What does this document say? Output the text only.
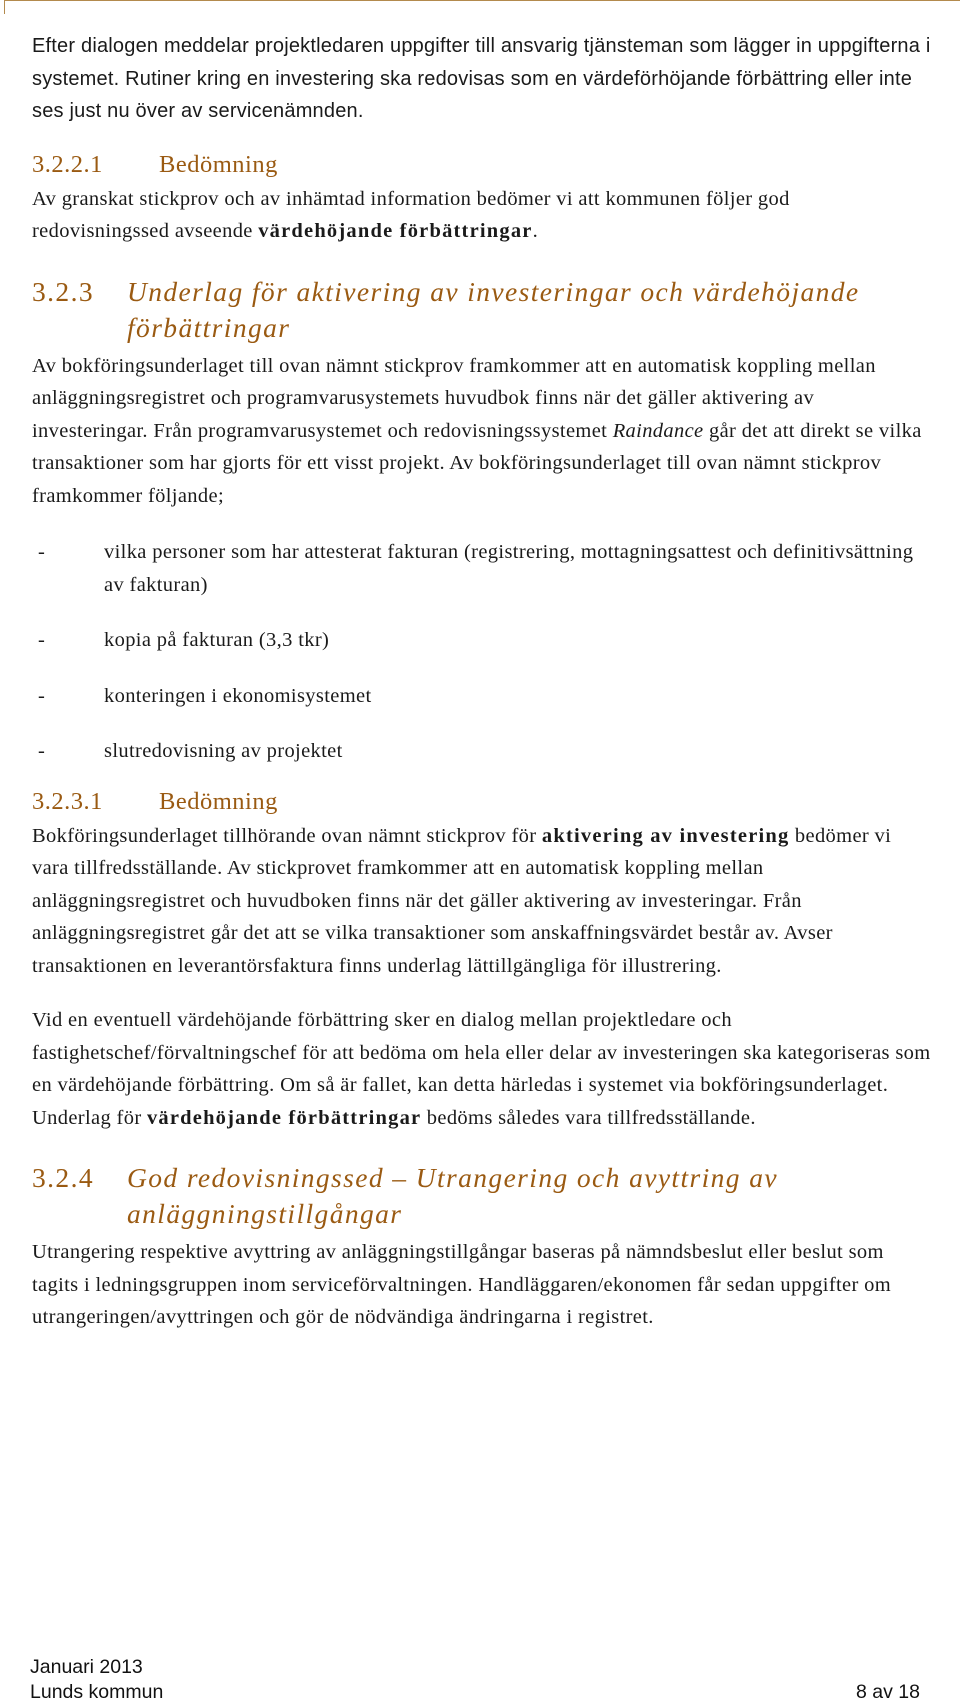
Efter dialogen meddelar projektledaren uppgifter till ansvarig tjänsteman som lägger in uppgifterna i systemet. Rutiner kring en investering ska redovisas som en värdeförhöjande förbättring eller inte ses just nu över av servicenämnden.

3.2.2.1	Bedömning

Av granskat stickprov och av inhämtad information bedömer vi att kommunen följer god redovisningssed avseende värdehöjande förbättringar.

3.2.3	Underlag för aktivering av investeringar och värdehöjande förbättringar

Av bokföringsunderlaget till ovan nämnt stickprov framkommer att en automatisk koppling mellan anläggningsregistret och programvarusystemets huvudbok finns när det gäller aktivering av investeringar. Från programvarusystemet och redovisningssystemet Raindance går det att direkt se vilka transaktioner som har gjorts för ett visst projekt. Av bokföringsunderlaget till ovan nämnt stickprov framkommer följande;

-	vilka personer som har attesterat fakturan (registrering, mottagningsattest och definitivsättning av fakturan)
-	kopia på fakturan (3,3 tkr)
-	konteringen i ekonomisystemet
-	slutredovisning av projektet
3.2.3.1	Bedömning

Bokföringsunderlaget tillhörande ovan nämnt stickprov för aktivering av investering bedömer vi vara tillfredsställande. Av stickprovet framkommer att en automatisk koppling mellan anläggningsregistret och huvudboken finns när det gäller aktivering av investeringar. Från anläggningsregistret går det att se vilka transaktioner som anskaffningsvärdet består av. Avser transaktionen en leverantörsfaktura finns underlag lättillgängliga för illustrering.

Vid en eventuell värdehöjande förbättring sker en dialog mellan projektledare och fastighetschef/förvaltningschef för att bedöma om hela eller delar av investeringen ska kategoriseras som en värdehöjande förbättring. Om så är fallet, kan detta härledas i systemet via bokföringsunderlaget. Underlag för värdehöjande förbättringar bedöms således vara tillfredsställande.

3.2.4	God redovisningssed – Utrangering och avyttring av anläggningstillgångar

Utrangering respektive avyttring av anläggningstillgångar baseras på nämndsbeslut eller beslut som tagits i ledningsgruppen inom serviceförvaltningen. Handläggaren/ekonomen får sedan uppgifter om utrangeringen/avyttringen och gör de nödvändiga ändringarna i registret.

Januari 2013
Lunds kommun	8 av 18
